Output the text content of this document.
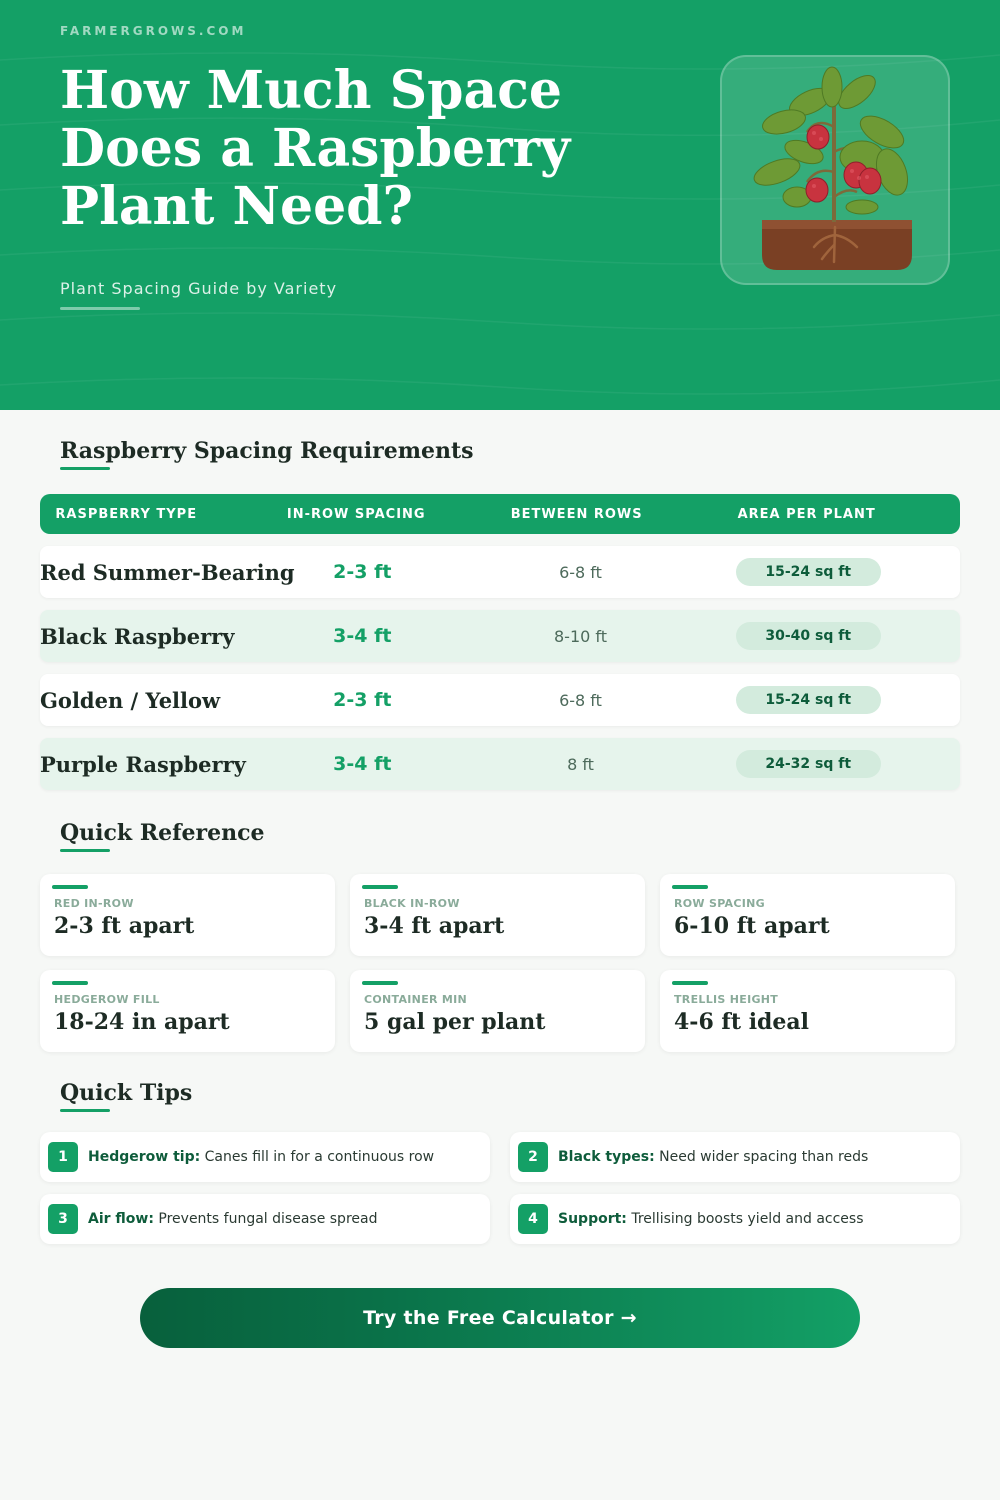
FARMERGROWS.COM
How Much Space
Does a Raspberry
Plant Need?
Plant Spacing Guide by Variety
Raspberry Spacing Requirements
RASPBERRY TYPE	IN-ROW SPACING	BETWEEN ROWS	AREA PER PLANT
Red Summer-Bearing	2-3 ft	6-8 ft	15-24 sq ft
Black Raspberry	3-4 ft	8-10 ft	30-40 sq ft
Golden / Yellow	2-3 ft	6-8 ft	15-24 sq ft
Purple Raspberry	3-4 ft	8 ft	24-32 sq ft
Quick Reference
RED IN-ROW
2-3 ft apart
BLACK IN-ROW
3-4 ft apart
ROW SPACING
6-10 ft apart
HEDGEROW FILL
18-24 in apart
CONTAINER MIN
5 gal per plant
TRELLIS HEIGHT
4-6 ft ideal
Quick Tips
1	Hedgerow tip: Canes fill in for a continuous row	2	Black types: Need wider spacing than reds
3	Air flow: Prevents fungal disease spread	4	Support: Trellising boosts yield and access
Try the Free Calculator →
